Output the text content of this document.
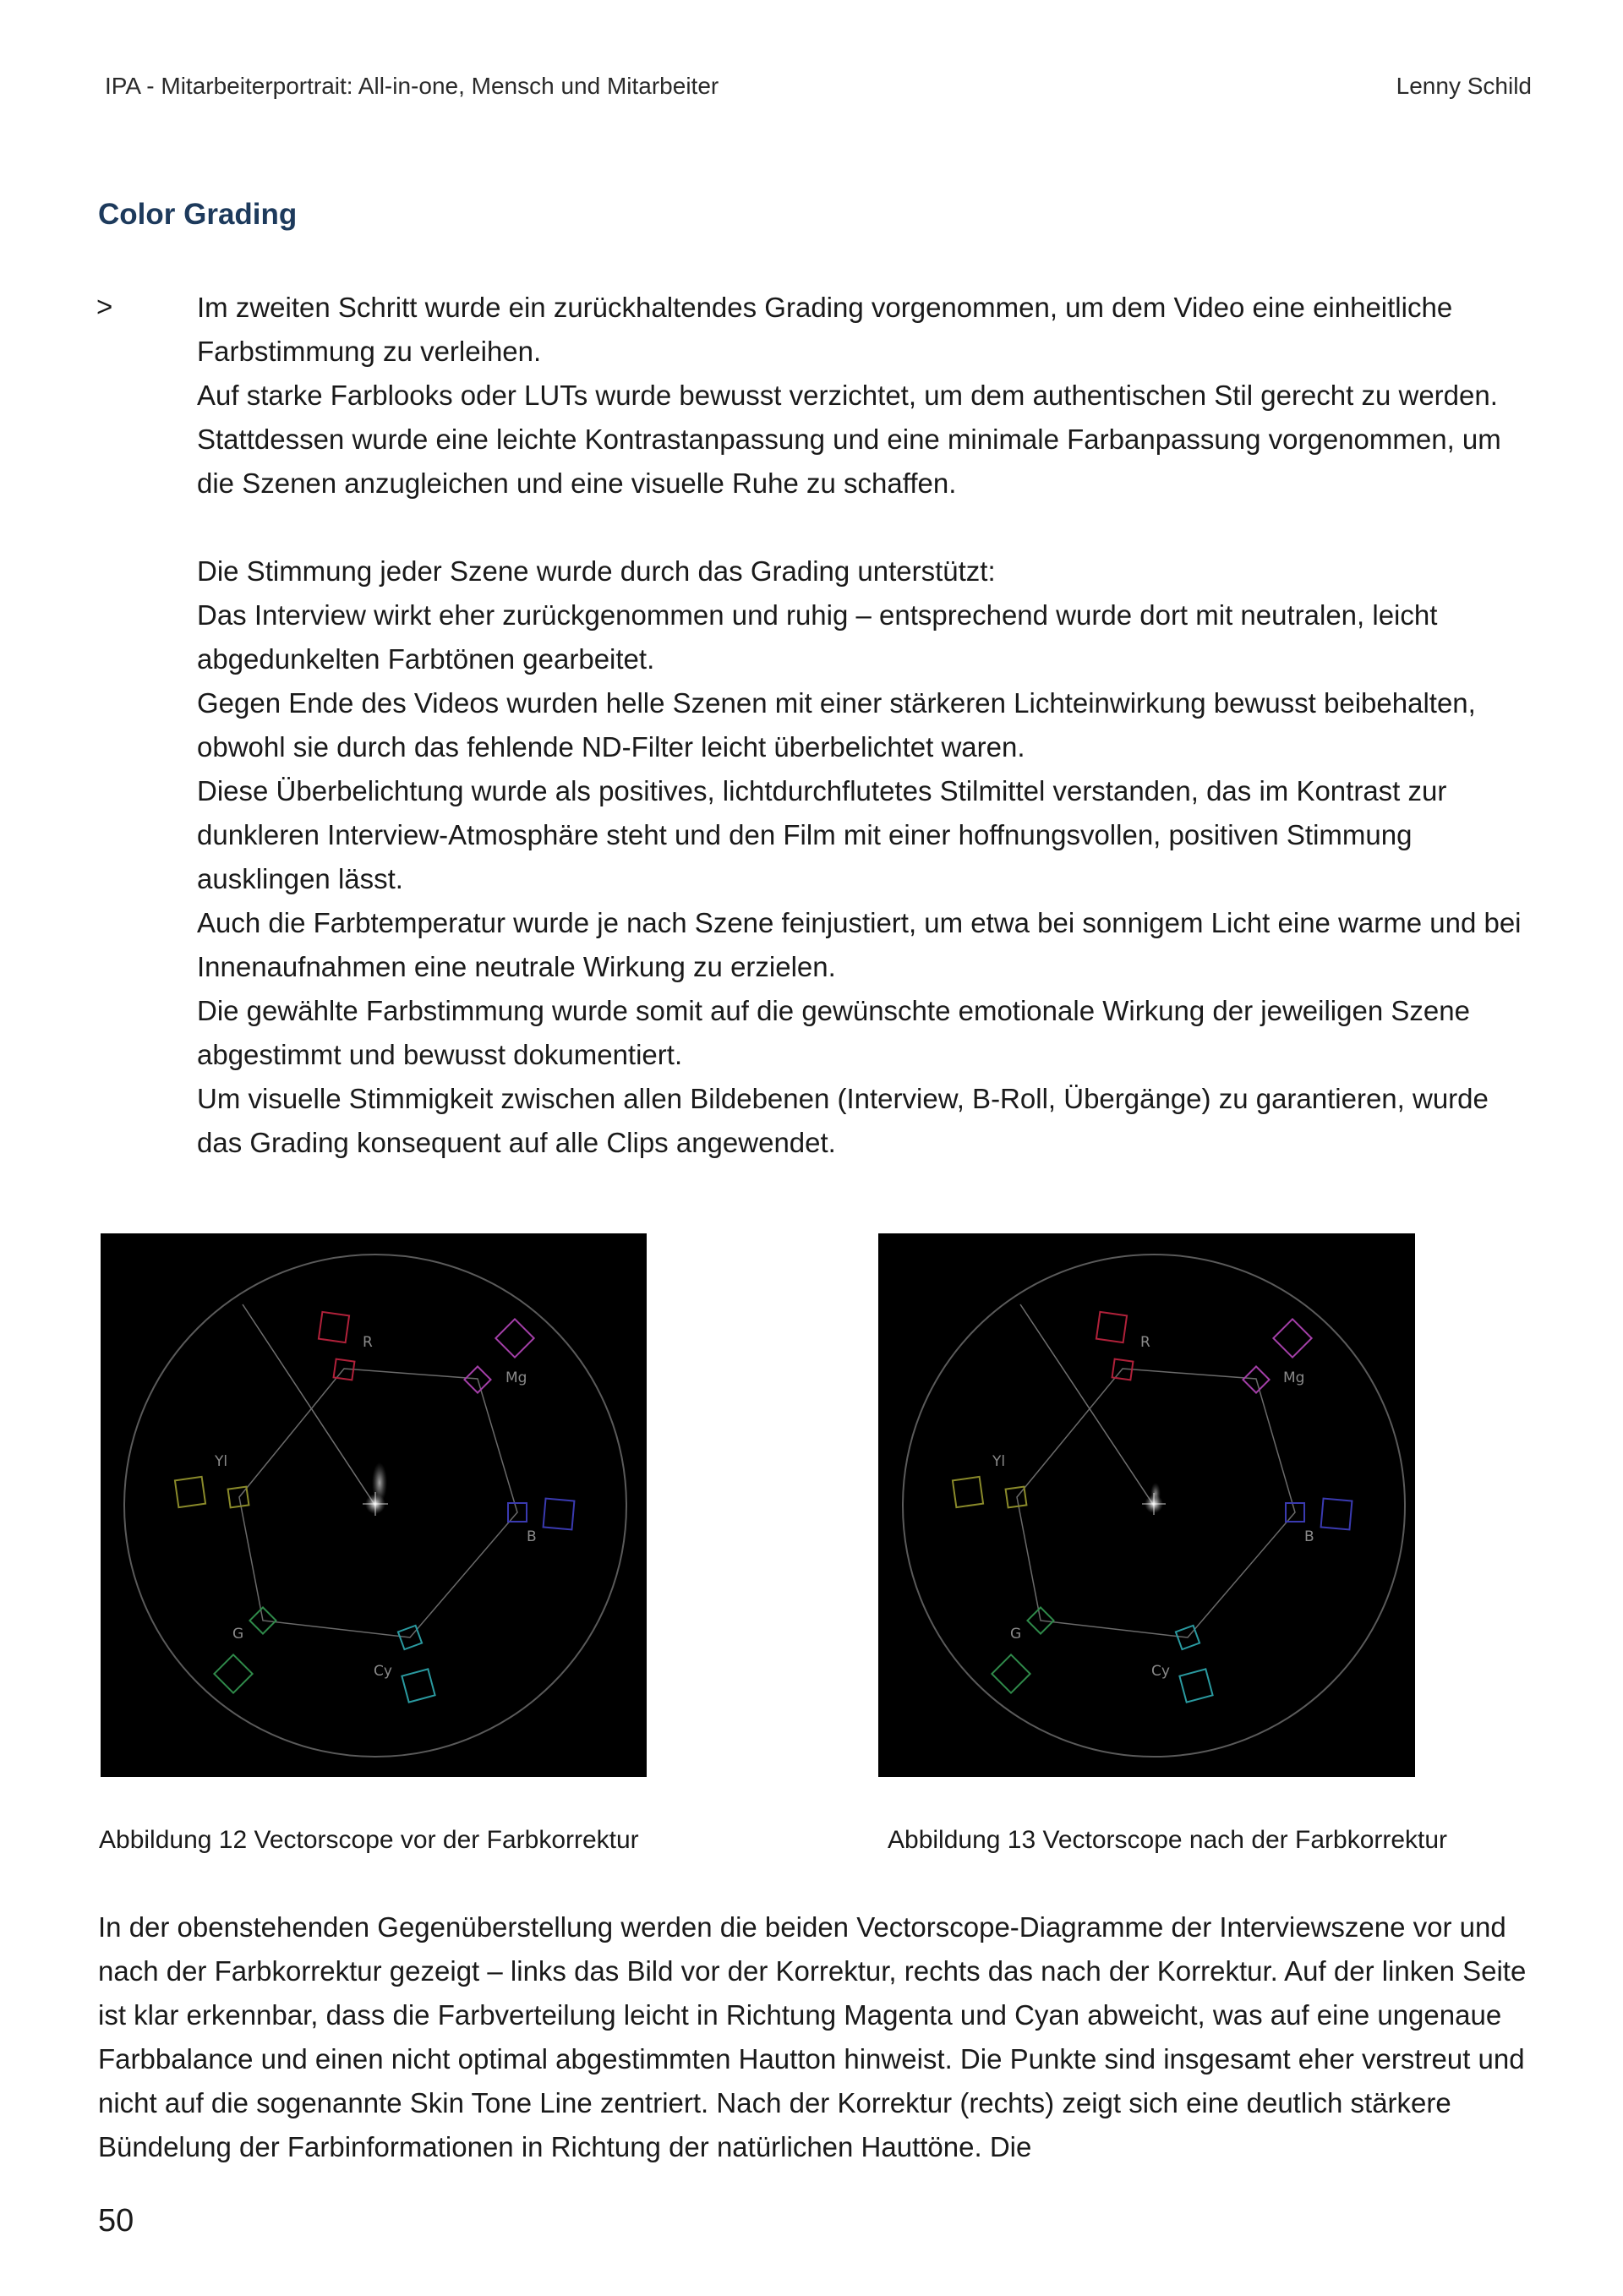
IPA - Mitarbeiterportrait: All-in-one, Mensch und Mitarbeiter	Lenny Schild
Color Grading
>	Im zweiten Schritt wurde ein zurückhaltendes Grading vorgenommen, um dem Video eine einheitliche Farbstimmung zu verleihen.

Auf starke Farblooks oder LUTs wurde bewusst verzichtet, um dem authentischen Stil gerecht zu werden.

Stattdessen wurde eine leichte Kontrastanpassung und eine minimale Farbanpassung vorgenommen, um die Szenen anzugleichen und eine visuelle Ruhe zu schaffen.

Die Stimmung jeder Szene wurde durch das Grading unterstützt:

Das Interview wirkt eher zurückgenommen und ruhig – entsprechend wurde dort mit neutralen, leicht abgedunkelten Farbtönen gearbeitet.

Gegen Ende des Videos wurden helle Szenen mit einer stärkeren Lichteinwirkung bewusst beibehalten, obwohl sie durch das fehlende ND-Filter leicht überbelichtet waren.

Diese Überbelichtung wurde als positives, lichtdurchflutetes Stilmittel verstanden, das im Kontrast zur dunkleren Interview-Atmosphäre steht und den Film mit einer hoffnungsvollen, positiven Stimmung ausklingen lässt.

Auch die Farbtemperatur wurde je nach Szene feinjustiert, um etwa bei sonnigem Licht eine warme und bei Innenaufnahmen eine neutrale Wirkung zu erzielen.

Die gewählte Farbstimmung wurde somit auf die gewünschte emotionale Wirkung der jeweiligen Szene abgestimmt und bewusst dokumentiert.

Um visuelle Stimmigkeit zwischen allen Bildebenen (Interview, B-Roll, Übergänge) zu garantieren, wurde das Grading konsequent auf alle Clips angewendet.

R
Mg
B
Cy
G
Yl
R
Mg
B
Cy
G
Yl
Abbildung 12 Vectorscope vor der Farbkorrektur	Abbildung 13 Vectorscope nach der Farbkorrektur
In der obenstehenden Gegenüberstellung werden die beiden Vectorscope-Diagramme der Interviewszene vor und nach der Farbkorrektur gezeigt – links das Bild vor der Korrektur, rechts das nach der Korrektur. Auf der linken Seite ist klar erkennbar, dass die Farbverteilung leicht in Richtung Magenta und Cyan abweicht, was auf eine ungenaue Farbbalance und einen nicht optimal abgestimmten Hautton hinweist. Die Punkte sind insgesamt eher verstreut und nicht auf die sogenannte Skin Tone Line zentriert. Nach der Korrektur (rechts) zeigt sich eine deutlich stärkere Bündelung der Farbinformationen in Richtung der natürlichen Hauttöne. Die
50
